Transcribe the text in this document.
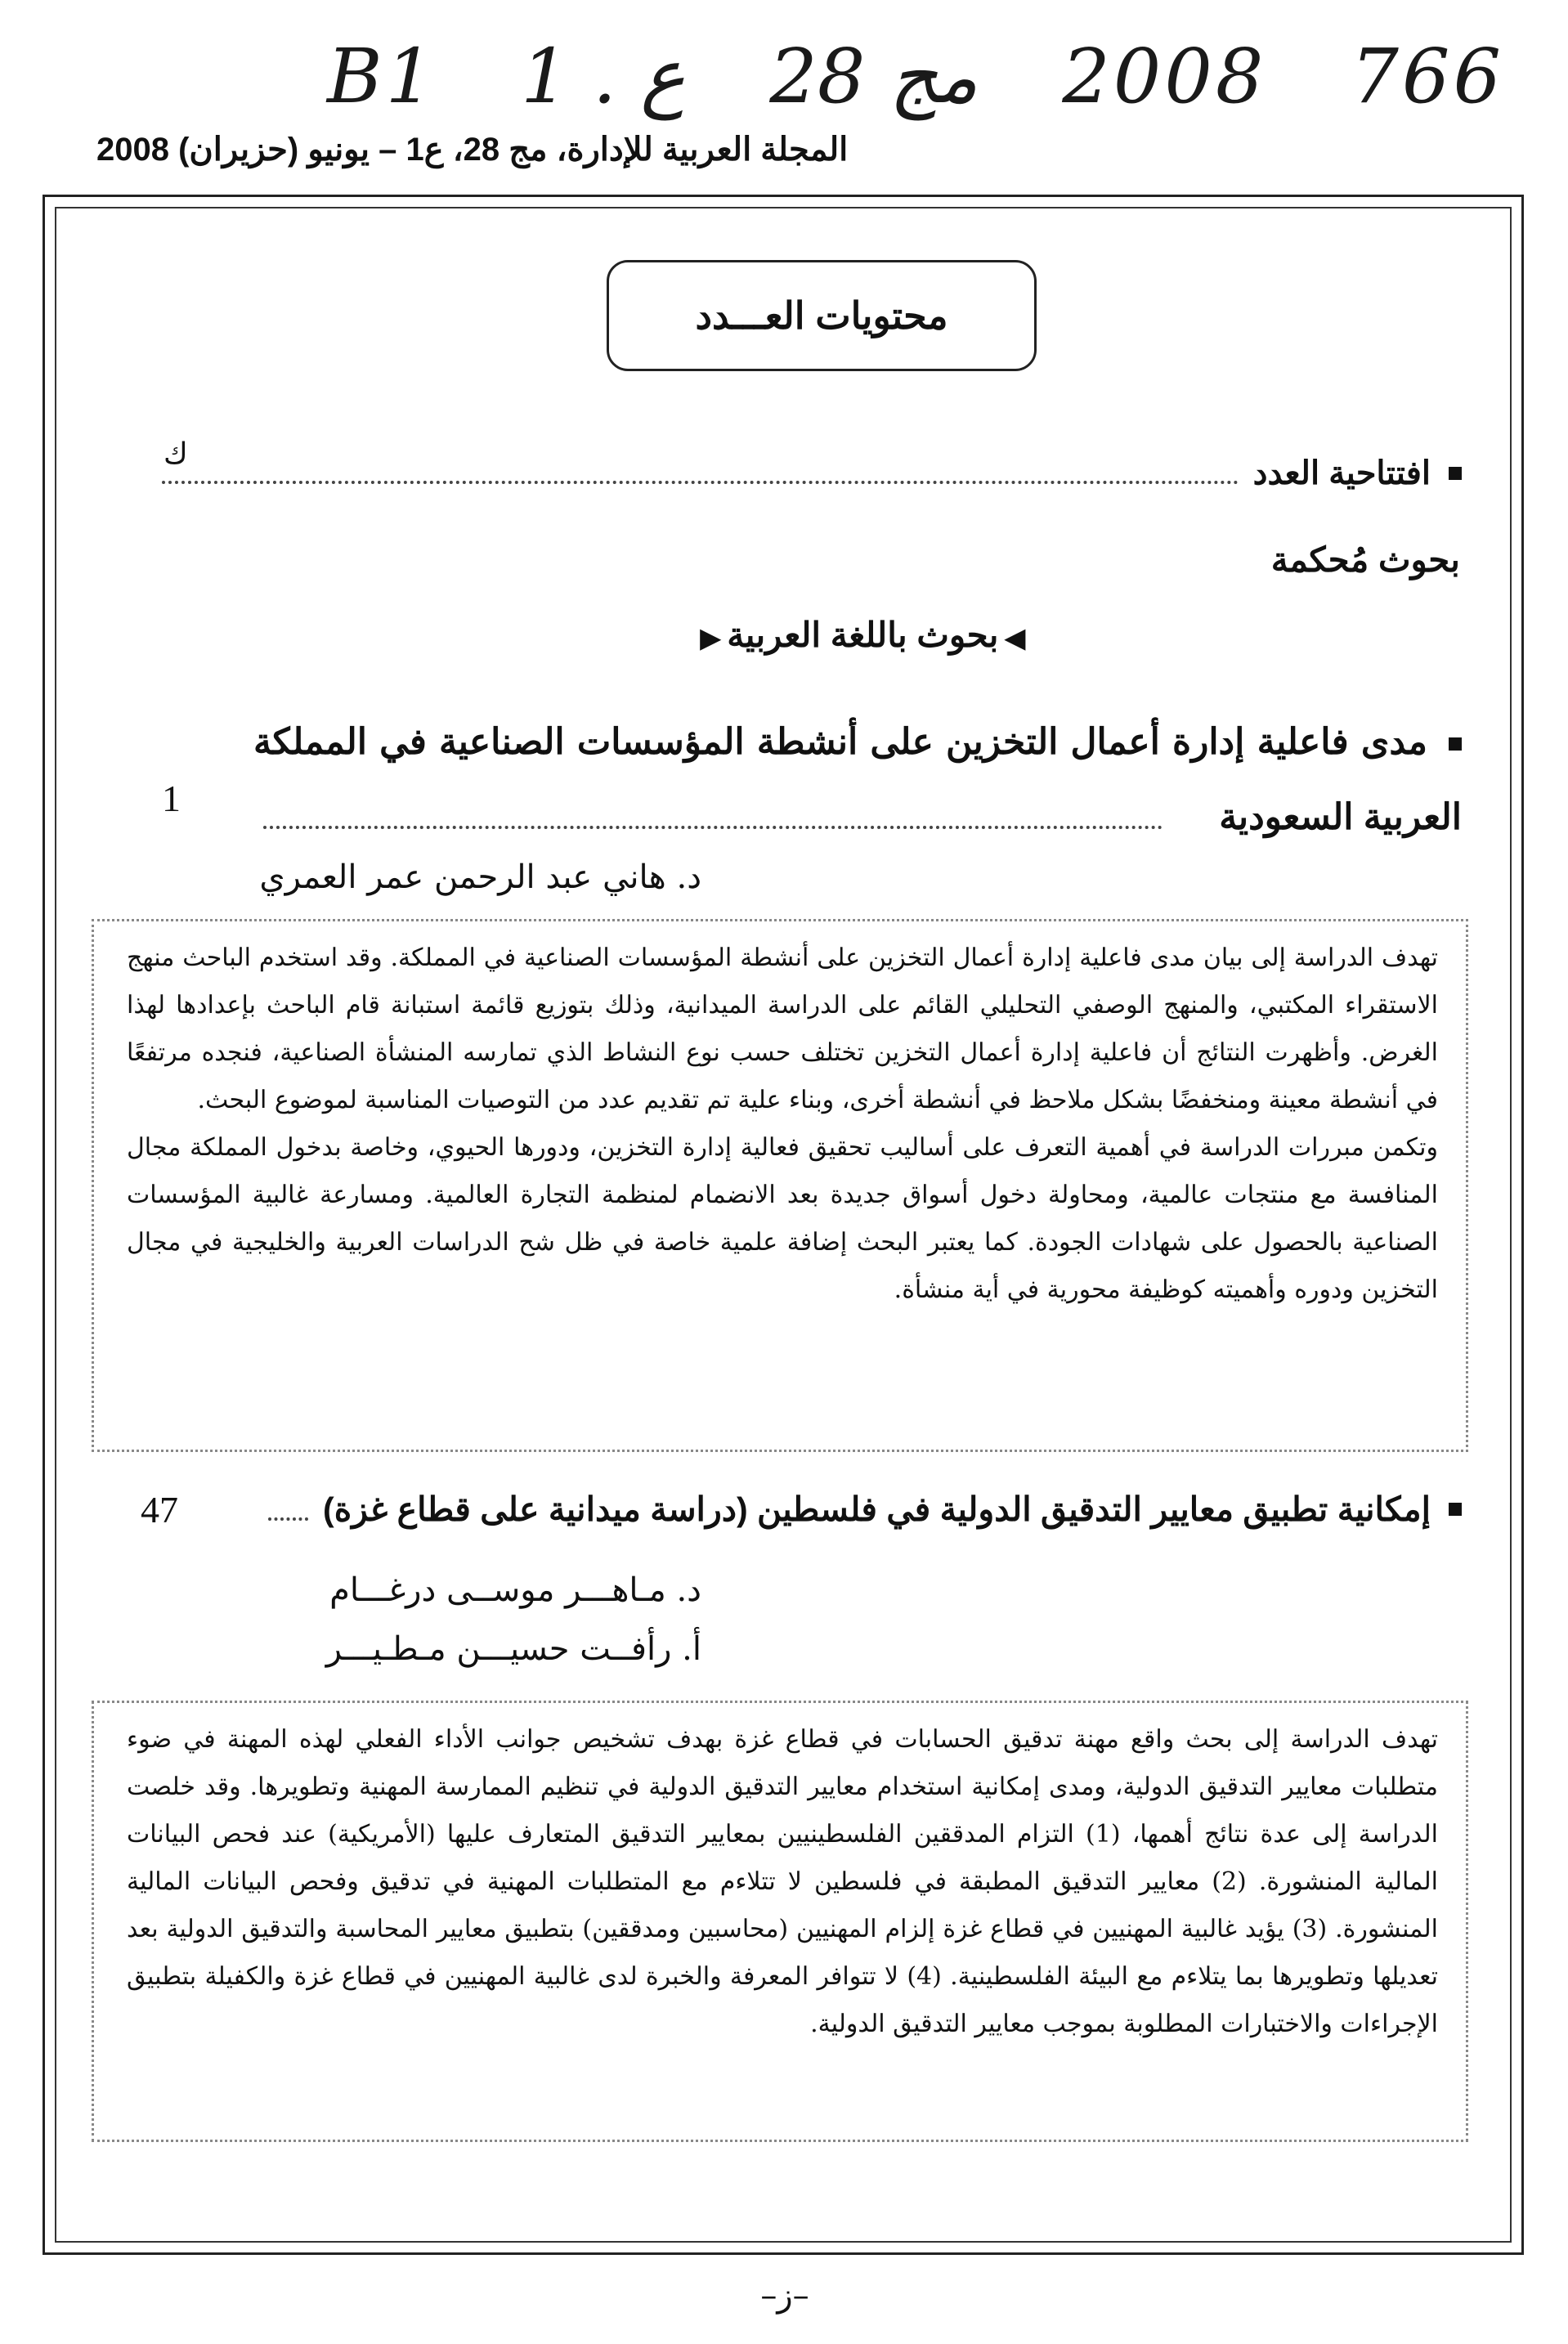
B1 1 . ع 28 مج 2008 766
المجلة العربية للإدارة، مج 28، ع1 – يونيو (حزيران) 2008
محتويات العـــدد
افتتاحية العدد
ك
بحوث مُحكمة
◀بحوث باللغة العربية▶
مدى فاعلية إدارة أعمال التخزين على أنشطة المؤسسات الصناعية في المملكة العربية السعودية
1
د. هاني عبد الرحمن عمر العمري

تهدف الدراسة إلى بيان مدى فاعلية إدارة أعمال التخزين على أنشطة المؤسسات الصناعية في المملكة. وقد استخدم الباحث منهج الاستقراء المكتبي، والمنهج الوصفي التحليلي القائم على الدراسة الميدانية، وذلك بتوزيع قائمة استبانة قام الباحث بإعدادها لهذا الغرض. وأظهرت النتائج أن فاعلية إدارة أعمال التخزين تختلف حسب نوع النشاط الذي تمارسه المنشأة الصناعية، فنجده مرتفعًا في أنشطة معينة ومنخفضًا بشكل ملاحظ في أنشطة أخرى، وبناء علية تم تقديم عدد من التوصيات المناسبة لموضوع البحث.

وتكمن مبررات الدراسة في أهمية التعرف على أساليب تحقيق فعالية إدارة التخزين، ودورها الحيوي، وخاصة بدخول المملكة مجال المنافسة مع منتجات عالمية، ومحاولة دخول أسواق جديدة بعد الانضمام لمنظمة التجارة العالمية. ومسارعة غالبية المؤسسات الصناعية بالحصول على شهادات الجودة. كما يعتبر البحث إضافة علمية خاصة في ظل شح الدراسات العربية والخليجية في مجال التخزين ودوره وأهميته كوظيفة محورية في أية منشأة.

إمكانية تطبيق معايير التدقيق الدولية في فلسطين (دراسة ميدانية على قطاع غزة)
47
د. مـاهـــر موســى درغـــام
أ. رأفــت حسيـــن مـطـيـــر

تهدف الدراسة إلى بحث واقع مهنة تدقيق الحسابات في قطاع غزة بهدف تشخيص جوانب الأداء الفعلي لهذه المهنة في ضوء متطلبات معايير التدقيق الدولية، ومدى إمكانية استخدام معايير التدقيق الدولية في تنظيم الممارسة المهنية وتطويرها. وقد خلصت الدراسة إلى عدة نتائج أهمها، (1) التزام المدققين الفلسطينيين بمعايير التدقيق المتعارف عليها (الأمريكية) عند فحص البيانات المالية المنشورة. (2) معايير التدقيق المطبقة في فلسطين لا تتلاءم مع المتطلبات المهنية في تدقيق وفحص البيانات المالية المنشورة. (3) يؤيد غالبية المهنيين في قطاع غزة إلزام المهنيين (محاسبين ومدققين) بتطبيق معايير المحاسبة والتدقيق الدولية بعد تعديلها وتطويرها بما يتلاءم مع البيئة الفلسطينية. (4) لا تتوافر المعرفة والخبرة لدى غالبية المهنيين في قطاع غزة والكفيلة بتطبيق الإجراءات والاختبارات المطلوبة بموجب معايير التدقيق الدولية.

–ز–
